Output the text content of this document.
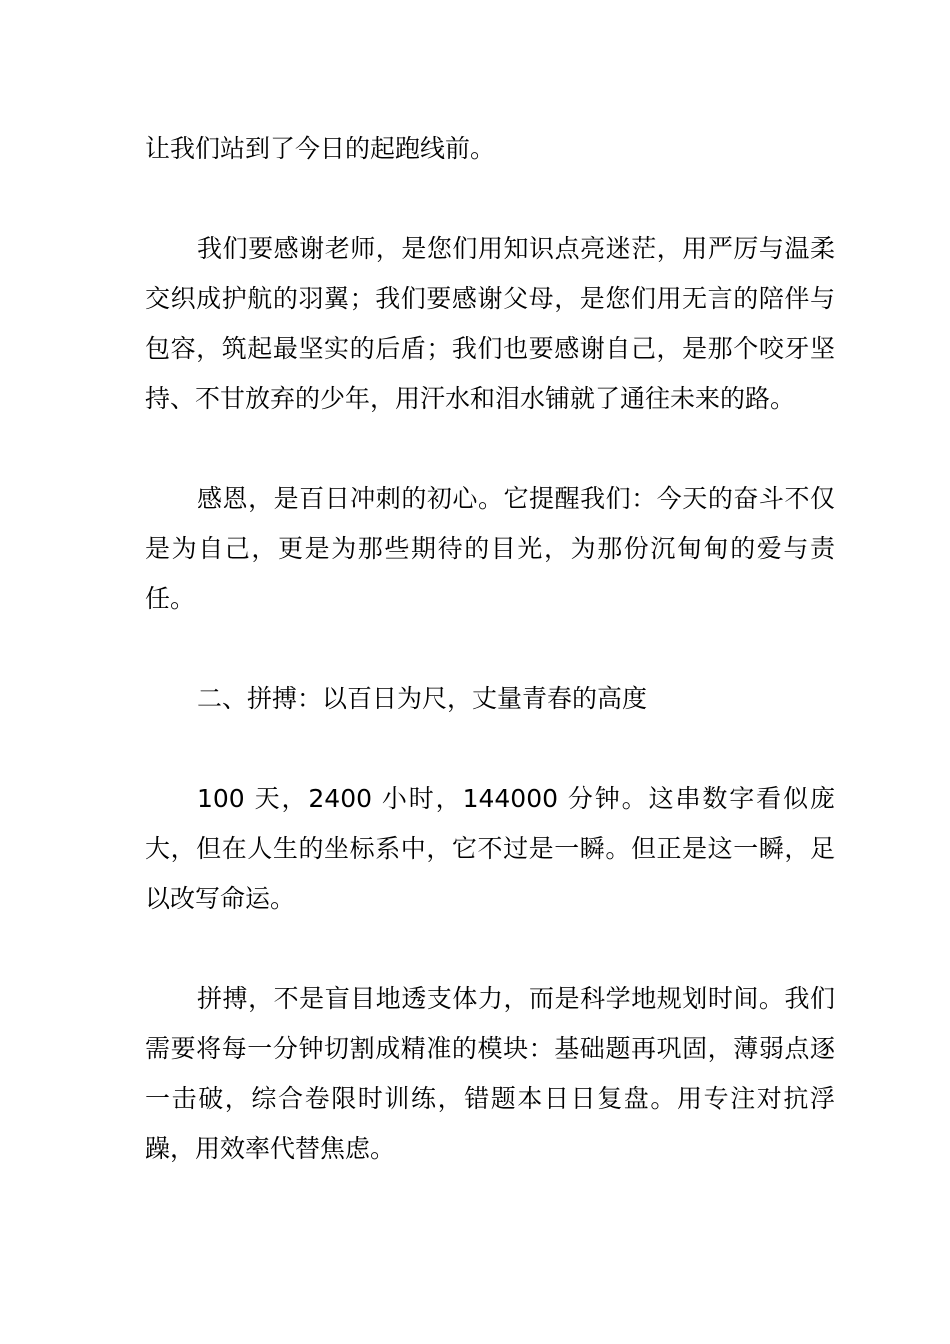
让我们站到了今日的起跑线前。

我们要感谢老师，是您们用知识点亮迷茫，用严厉与温柔交织成护航的羽翼；我们要感谢父母，是您们用无言的陪伴与包容，筑起最坚实的后盾；我们也要感谢自己，是那个咬牙坚持、不甘放弃的少年，用汗水和泪水铺就了通往未来的路。

感恩，是百日冲刺的初心。它提醒我们：今天的奋斗不仅是为自己，更是为那些期待的目光，为那份沉甸甸的爱与责任。

二、拼搏：以百日为尺，丈量青春的高度

100 天，2400 小时，144000 分钟。这串数字看似庞大，但在人生的坐标系中，它不过是一瞬。但正是这一瞬，足以改写命运。

拼搏，不是盲目地透支体力，而是科学地规划时间。我们需要将每一分钟切割成精准的模块：基础题再巩固，薄弱点逐一击破，综合卷限时训练，错题本日日复盘。用专注对抗浮躁，用效率代替焦虑。
